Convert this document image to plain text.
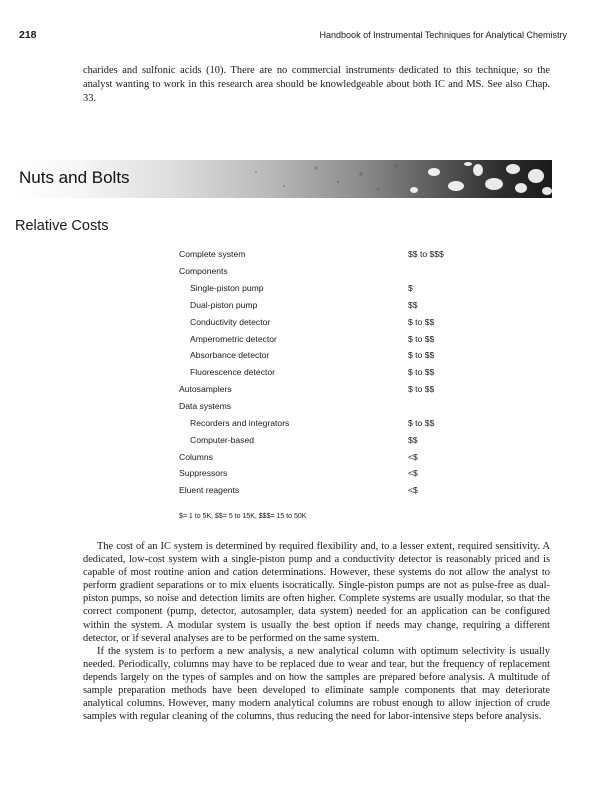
218	Handbook of Instrumental Techniques for Analytical Chemistry

charides and sulfonic acids (10). There are no commercial instruments dedicated to this technique, so the analyst wanting to work in this research area should be knowledgeable about both IC and MS. See also Chap. 33.

Nuts and Bolts
Relative Costs
Complete system	$$ to $$$
Components	
Single-piston pump	$
Dual-piston pump	$$
Conductivity detector	$ to $$
Amperometric detector	$ to $$
Absorbance detector	$ to $$
Fluorescence detector	$ to $$
Autosamplers	$ to $$
Data systems	
Recorders and integrators	$ to $$
Computer-based	$$
Columns	<$
Suppressors	<$
Eluent reagents	<$
$= 1 to 5K, $$= 5 to 15K, $$$= 15 to 50K

The cost of an IC system is determined by required flexibility and, to a lesser extent, required sensitivity. A dedicated, low-cost system with a single-piston pump and a conductivity detector is reasonably priced and is capable of most routine anion and cation determinations. However, these systems do not allow the analyst to perform gradient separations or to mix eluents isocratically. Single-piston pumps are not as pulse-free as dual-piston pumps, so noise and detection limits are often higher. Complete systems are usually modular, so that the correct component (pump, detector, autosampler, data system) needed for an application can be configured within the system. A modular system is usually the best option if needs may change, requiring a different detector, or if several analyses are to be performed on the same system.

If the system is to perform a new analysis, a new analytical column with optimum selectivity is usually needed. Periodically, columns may have to be replaced due to wear and tear, but the frequency of replacement depends largely on the types of samples and on how the samples are prepared before analysis. A multitude of sample preparation methods have been developed to eliminate sample components that may deteriorate analytical columns. However, many modern analytical columns are robust enough to allow injection of crude samples with regular cleaning of the columns, thus reducing the need for labor-intensive steps before analysis.
